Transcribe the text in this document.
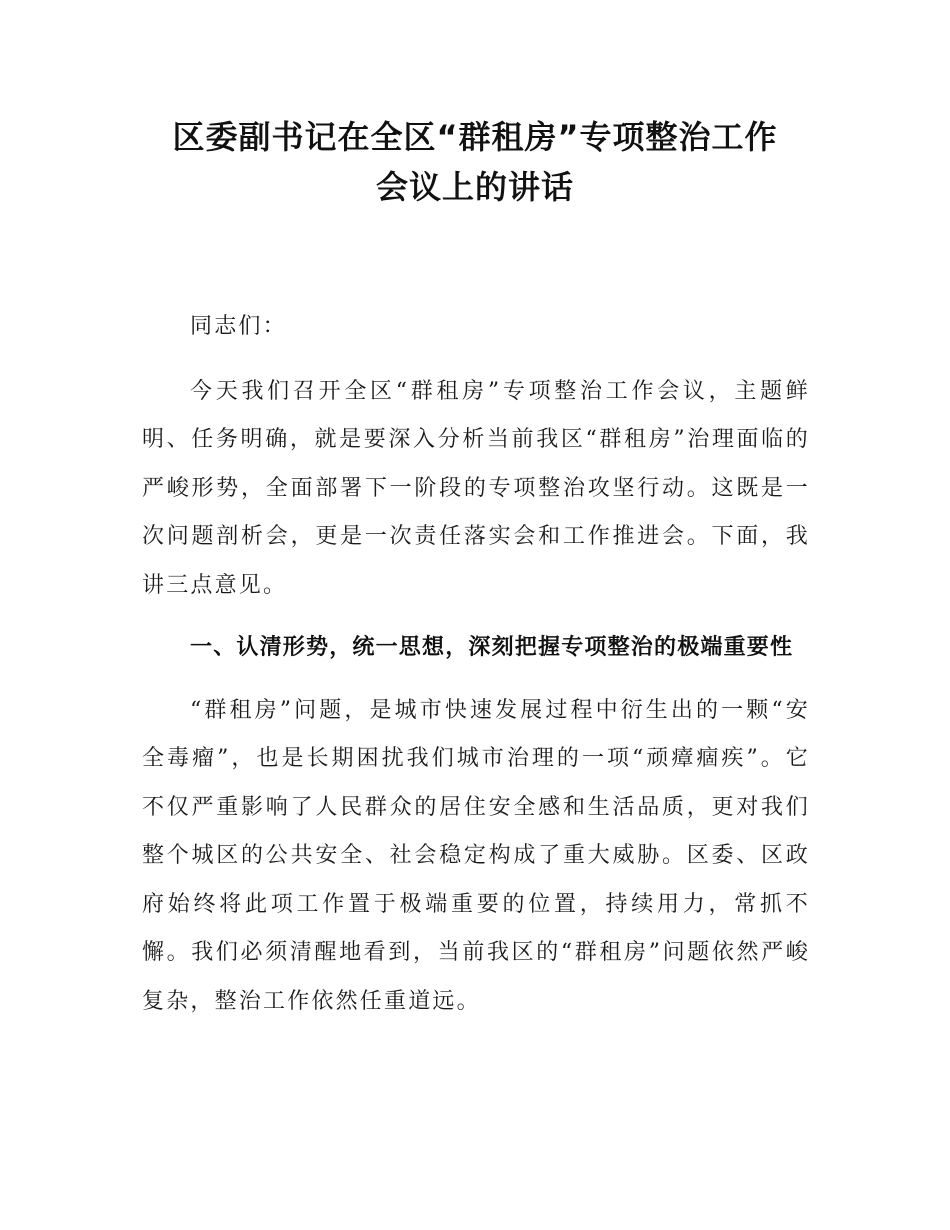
区委副书记在全区“群租房”专项整治工作
会议上的讲话

同志们：

今天我们召开全区“群租房”专项整治工作会议，主题鲜明、任务明确，就是要深入分析当前我区“群租房”治理面临的严峻形势，全面部署下一阶段的专项整治攻坚行动。这既是一次问题剖析会，更是一次责任落实会和工作推进会。下面，我讲三点意见。

一、认清形势，统一思想，深刻把握专项整治的极端重要性

“群租房”问题，是城市快速发展过程中衍生出的一颗“安全毒瘤”，也是长期困扰我们城市治理的一项“顽瘴痼疾”。它不仅严重影响了人民群众的居住安全感和生活品质，更对我们整个城区的公共安全、社会稳定构成了重大威胁。区委、区政府始终将此项工作置于极端重要的位置，持续用力，常抓不懈。我们必须清醒地看到，当前我区的“群租房”问题依然严峻复杂，整治工作依然任重道远。
